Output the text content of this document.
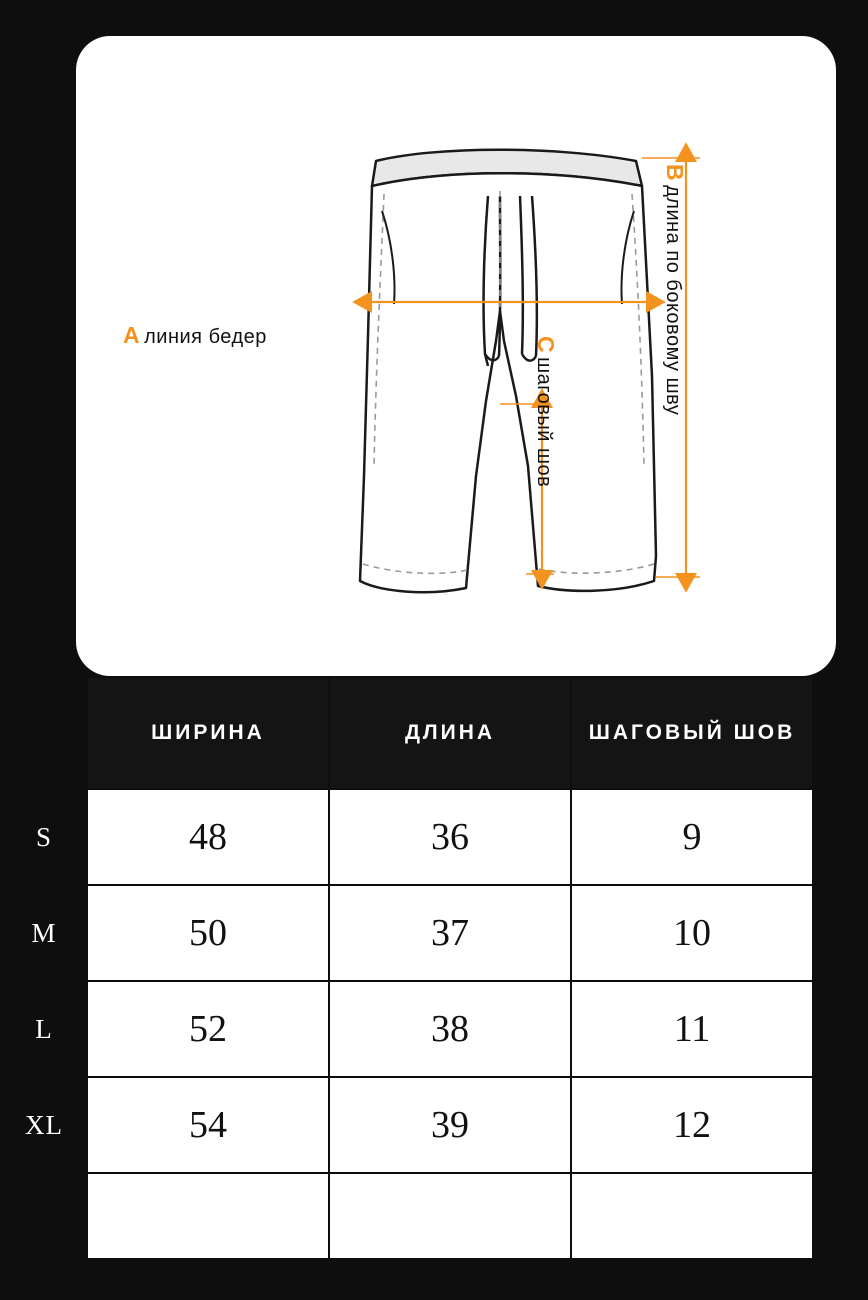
A линия бедер
Bдлина по боковому шву
Cшаговый шов
	ШИРИНА	ДЛИНА	ШАГОВЫЙ ШОВ
S	48	36	9
M	50	37	10
L	52	38	11
XL	54	39	12
